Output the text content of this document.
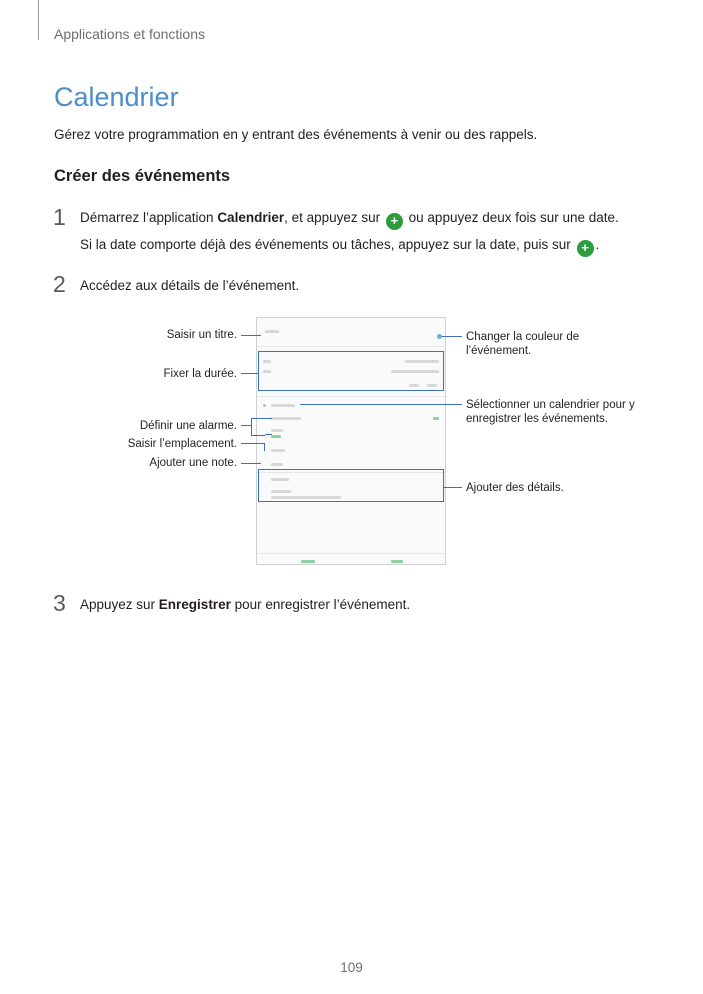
Applications et fonctions
Calendrier
Gérez votre programmation en y entrant des événements à venir ou des rappels.
Créer des événements
1 Démarrez l’application Calendrier, et appuyez sur + ou appuyez deux fois sur une date.
Si la date comporte déjà des événements ou tâches, appuyez sur la date, puis sur + .
2 Accédez aux détails de l’événement.
Saisir un titre.
Fixer la durée.
Définir une alarme.
Saisir l’emplacement.
Ajouter une note.
Changer la couleur de
l’événement.
Sélectionner un calendrier pour y
enregistrer les événements.
Ajouter des détails.
3 Appuyez sur Enregistrer pour enregistrer l’événement.
109
